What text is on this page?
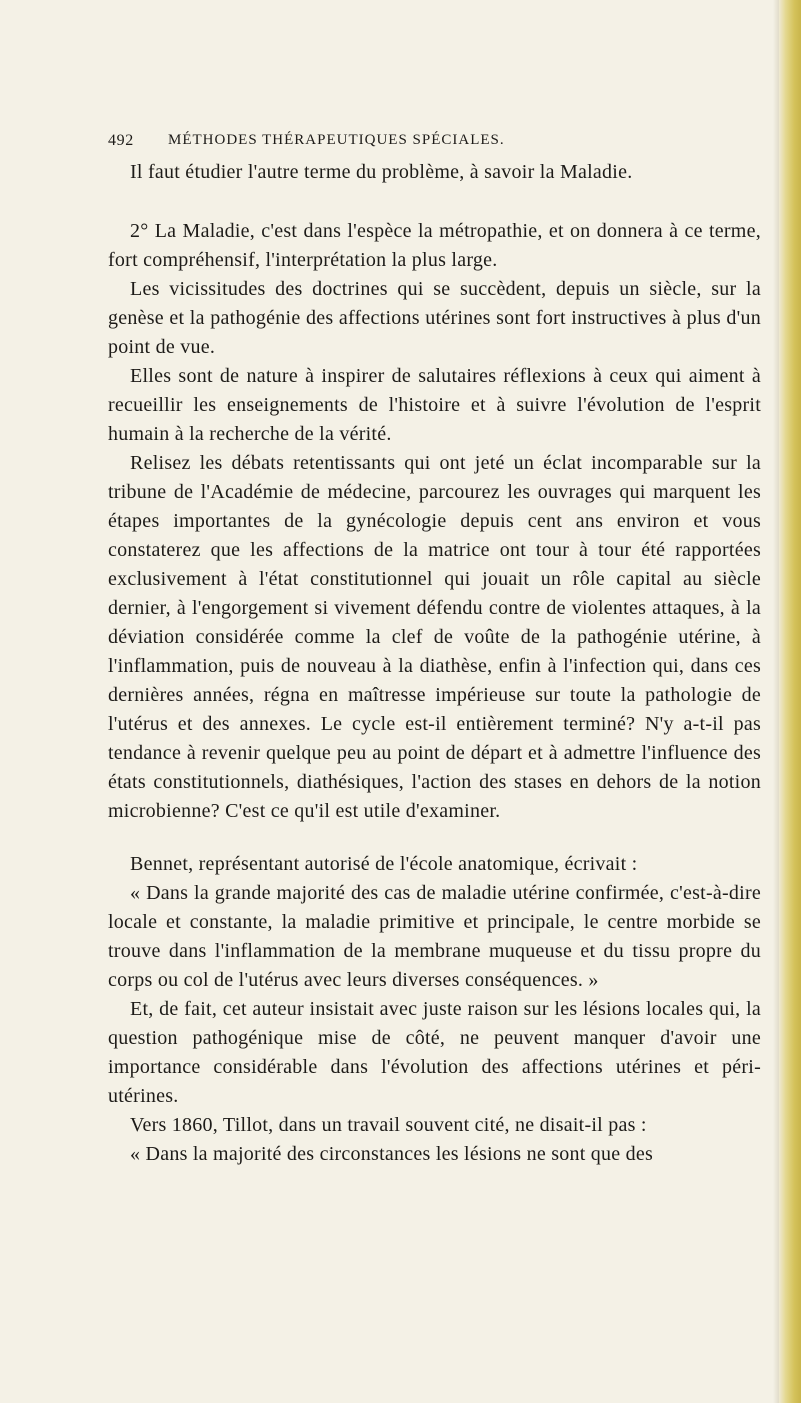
492 MÉTHODES THÉRAPEUTIQUES SPÉCIALES.

Il faut étudier l'autre terme du problème, à savoir la Maladie.

2° La Maladie, c'est dans l'espèce la métropathie, et on donnera à ce terme, fort compréhensif, l'interprétation la plus large.

Les vicissitudes des doctrines qui se succèdent, depuis un siècle, sur la genèse et la pathogénie des affections utérines sont fort instructives à plus d'un point de vue.

Elles sont de nature à inspirer de salutaires réflexions à ceux qui aiment à recueillir les enseignements de l'histoire et à suivre l'évolution de l'esprit humain à la recherche de la vérité.

Relisez les débats retentissants qui ont jeté un éclat incomparable sur la tribune de l'Académie de médecine, parcourez les ouvrages qui marquent les étapes importantes de la gynécologie depuis cent ans environ et vous constaterez que les affections de la matrice ont tour à tour été rapportées exclusivement à l'état constitutionnel qui jouait un rôle capital au siècle dernier, à l'engorgement si vivement défendu contre de violentes attaques, à la déviation considérée comme la clef de voûte de la pathogénie utérine, à l'inflammation, puis de nouveau à la diathèse, enfin à l'infection qui, dans ces dernières années, régna en maîtresse impérieuse sur toute la pathologie de l'utérus et des annexes. Le cycle est-il entièrement terminé? N'y a-t-il pas tendance à revenir quelque peu au point de départ et à admettre l'influence des états constitutionnels, diathésiques, l'action des stases en dehors de la notion microbienne? C'est ce qu'il est utile d'examiner.

Bennet, représentant autorisé de l'école anatomique, écrivait :

« Dans la grande majorité des cas de maladie utérine confirmée, c'est-à-dire locale et constante, la maladie primitive et principale, le centre morbide se trouve dans l'inflammation de la membrane muqueuse et du tissu propre du corps ou col de l'utérus avec leurs diverses conséquences. »

Et, de fait, cet auteur insistait avec juste raison sur les lésions locales qui, la question pathogénique mise de côté, ne peuvent manquer d'avoir une importance considérable dans l'évolution des affections utérines et péri-utérines.

Vers 1860, Tillot, dans un travail souvent cité, ne disait-il pas :

« Dans la majorité des circonstances les lésions ne sont que des
